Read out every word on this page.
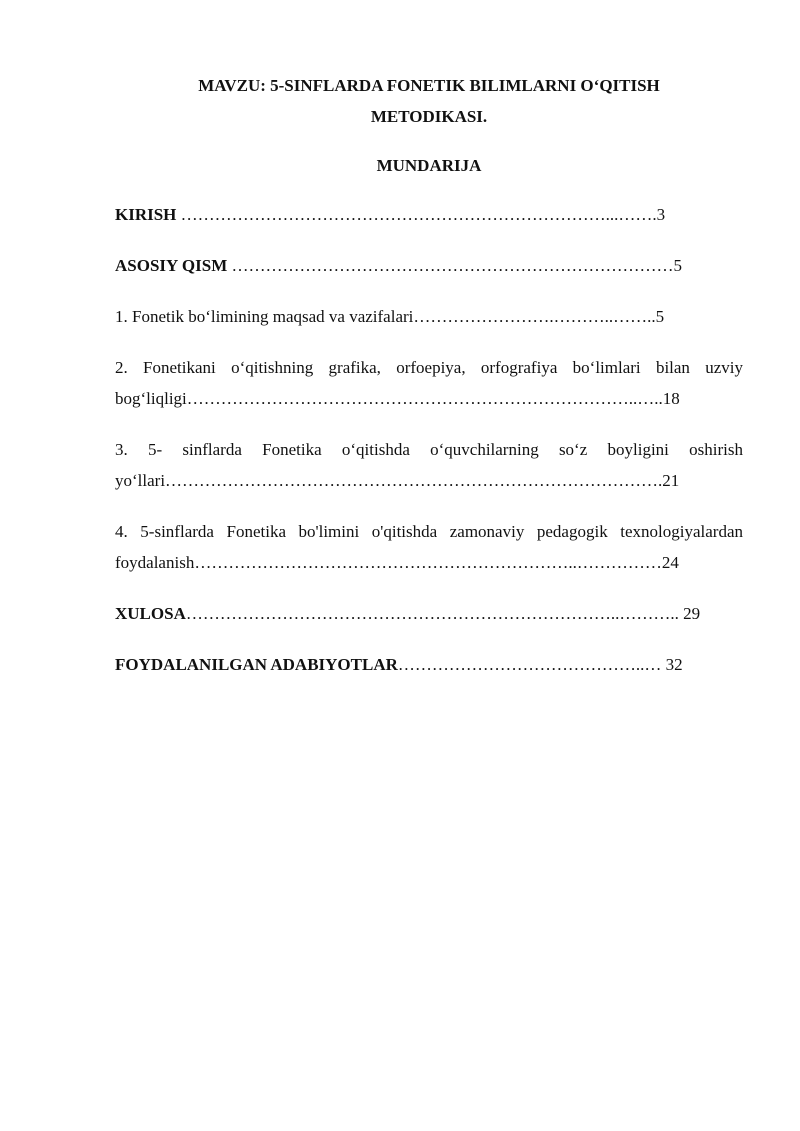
MAVZU: 5-SINFLARDA FONETIK BILIMLARNI O‘QITISH
METODIKASI.
MUNDARIJA

KIRISH …………………………………………………………………...…….3

ASOSIY QISM ……………………………………………………………………5

1. Fonetik bo‘limining maqsad va vazifalari…………………….………..……..5

2. Fonetikani o‘qitishning grafika, orfoepiya, orfografiya bo‘limlari bilan uzviy bog‘liqligi……………………………………………………………………..…..18

3. 5- sinflarda Fonetika o‘qitishda o‘quvchilarning so‘z boyligini oshirish yo‘llari…………………………………………………………………………….21

4. 5-sinflarda Fonetika bo'limini o'qitishda zamonaviy pedagogik texnologiyalardan foydalanish…………………………………………………………..……………24

XULOSA…………………………………………………………………..……….. 29

FOYDALANILGAN ADABIYOTLAR……………………………………..… 32
